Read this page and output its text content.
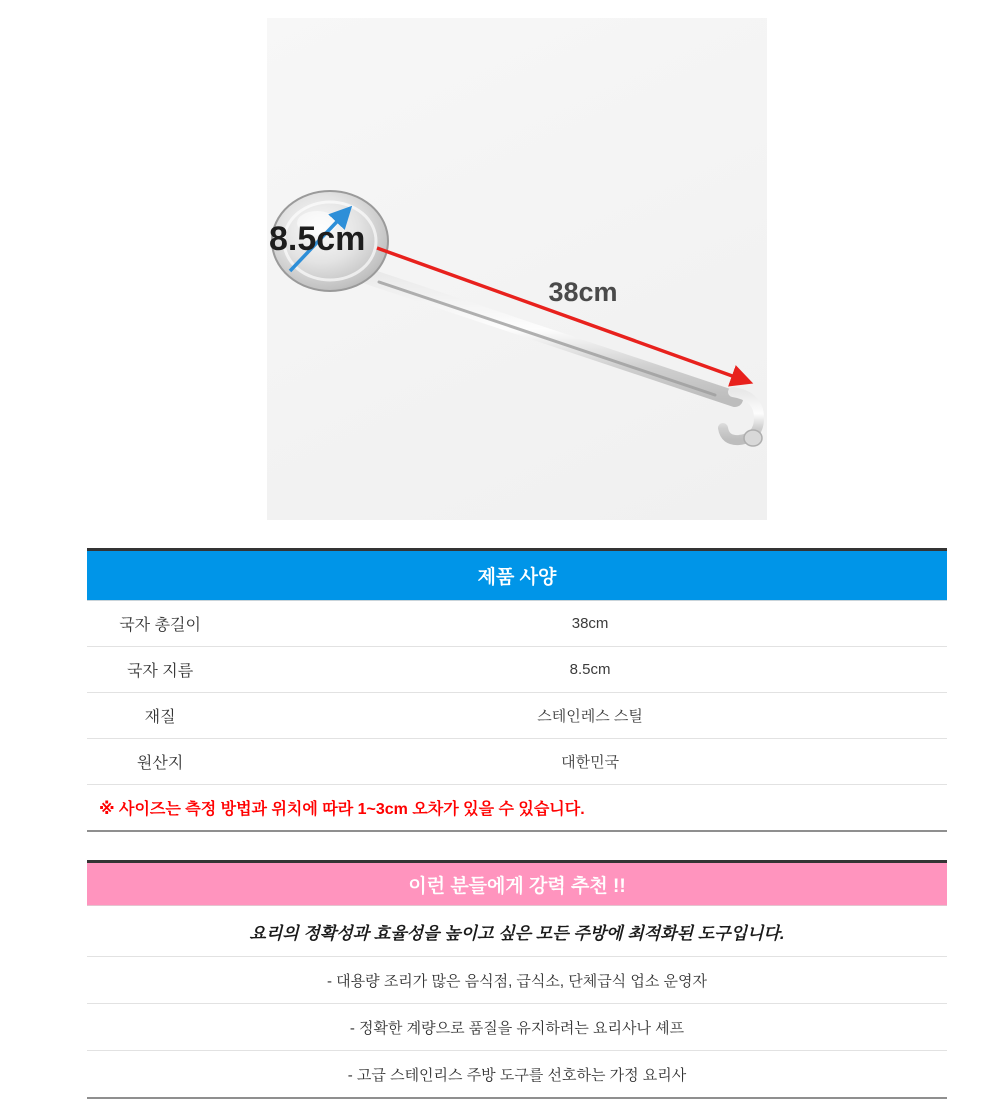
8.5cm
38cm
제품 사양
국자 총길이	38cm
국자 지름	8.5cm
재질	스테인레스 스틸
원산지	대한민국
※ 사이즈는 측정 방법과 위치에 따라 1~3cm 오차가 있을 수 있습니다.
이런 분들에게 강력 추천 !!
요리의 정확성과 효율성을 높이고 싶은 모든 주방에 최적화된 도구입니다.
- 대용량 조리가 많은 음식점, 급식소, 단체급식 업소 운영자
- 정확한 계량으로 품질을 유지하려는 요리사나 셰프
- 고급 스테인리스 주방 도구를 선호하는 가정 요리사
